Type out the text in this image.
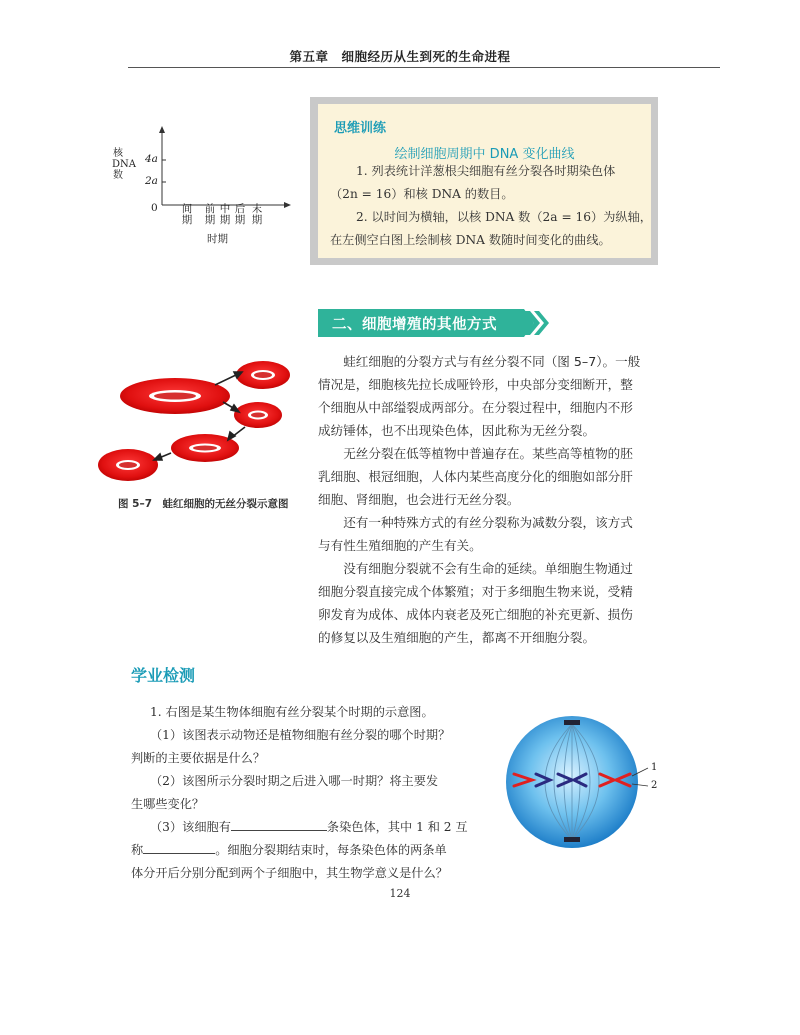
第五章　细胞经历从生到死的生命进程
核DNA数
4a
2a
0 间
期
前
期
中
期
后
期
末
期
时期
思维训练
绘制细胞周期中 DNA 变化曲线
1. 列表统计洋葱根尖细胞有丝分裂各时期染色体
（2n = 16）和核 DNA 的数目。
2. 以时间为横轴，以核 DNA 数（2a = 16）为纵轴，
在左侧空白图上绘制核 DNA 数随时间变化的曲线。
二、细胞增殖的其他方式
　　蛙红细胞的分裂方式与有丝分裂不同（图 5–7）。一般
情况是，细胞核先拉长成哑铃形，中央部分变细断开，整
个细胞从中部缢裂成两部分。在分裂过程中，细胞内不形
成纺锤体，也不出现染色体，因此称为无丝分裂。
　　无丝分裂在低等植物中普遍存在。某些高等植物的胚
乳细胞、根冠细胞，人体内某些高度分化的细胞如部分肝
细胞、肾细胞，也会进行无丝分裂。
　　还有一种特殊方式的有丝分裂称为减数分裂，该方式
与有性生殖细胞的产生有关。
　　没有细胞分裂就不会有生命的延续。单细胞生物通过
细胞分裂直接完成个体繁殖；对于多细胞生物来说，受精
卵发育为成体、成体内衰老及死亡细胞的补充更新、损伤
的修复以及生殖细胞的产生，都离不开细胞分裂。
图 5–7　蛙红细胞的无丝分裂示意图
学业检测
1. 右图是某生物体细胞有丝分裂某个时期的示意图。
（1）该图表示动物还是植物细胞有丝分裂的哪个时期？
判断的主要依据是什么？
（2）该图所示分裂时期之后进入哪一时期？将主要发
生哪些变化？
（3）该细胞有	条染色体，其中 1 和 2 互
称	。细胞分裂期结束时，每条染色体的两条单
体分开后分别分配到两个子细胞中，其生物学意义是什么？
1
2
124
